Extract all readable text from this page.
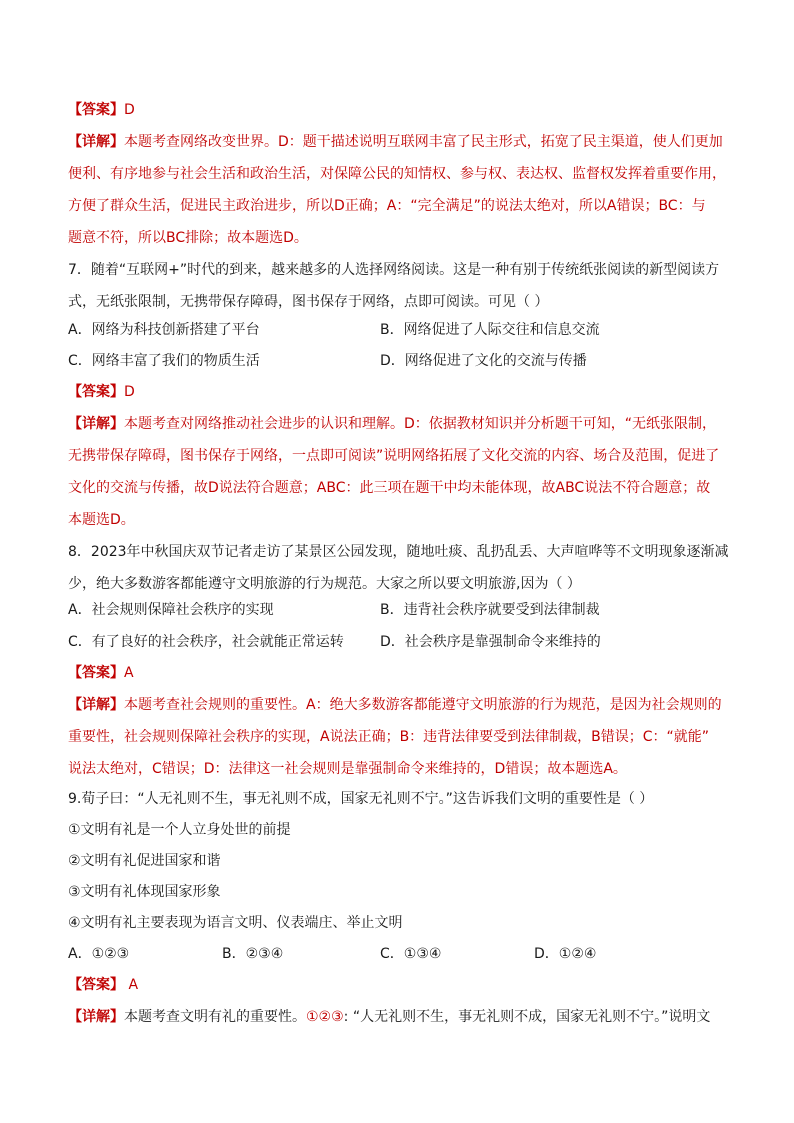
【答案】D
【详解】本题考查网络改变世界。D：题干描述说明互联网丰富了民主形式，拓宽了民主渠道，使人们更加
便利、有序地参与社会生活和政治生活，对保障公民的知情权、参与权、表达权、监督权发挥着重要作用，
方便了群众生活，促进民主政治进步，所以D正确；A：“完全满足”的说法太绝对，所以A错误；BC：与
题意不符，所以BC排除；故本题选D。
7．随着“互联网+”时代的到来，越来越多的人选择网络阅读。这是一种有别于传统纸张阅读的新型阅读方
式，无纸张限制，无携带保存障碍，图书保存于网络，点即可阅读。可见（ ）
A．网络为科技创新搭建了平台	B．网络促进了人际交往和信息交流
C．网络丰富了我们的物质生活	D．网络促进了文化的交流与传播
【答案】D
【详解】本题考查对网络推动社会进步的认识和理解。D：依据教材知识并分析题干可知，“无纸张限制，
无携带保存障碍，图书保存于网络，一点即可阅读”说明网络拓展了文化交流的内容、场合及范围，促进了
文化的交流与传播，故D说法符合题意；ABC：此三项在题干中均未能体现，故ABC说法不符合题意；故
本题选D。
8．2023年中秋国庆双节记者走访了某景区公园发现，随地吐痰、乱扔乱丢、大声喧哗等不文明现象逐渐减
少，绝大多数游客都能遵守文明旅游的行为规范。大家之所以要文明旅游,因为（ ）
A．社会规则保障社会秩序的实现	B．违背社会秩序就要受到法律制裁
C．有了良好的社会秩序，社会就能正常运转	D．社会秩序是靠强制命令来维持的
【答案】A
【详解】本题考查社会规则的重要性。A：绝大多数游客都能遵守文明旅游的行为规范，是因为社会规则的
重要性，社会规则保障社会秩序的实现，A说法正确；B：违背法律要受到法律制裁，B错误；C：“就能”
说法太绝对，C错误；D：法律这一社会规则是靠强制命令来维持的，D错误；故本题选A。
9.荀子曰：“人无礼则不生，事无礼则不成，国家无礼则不宁。”这告诉我们文明的重要性是（ ）
①文明有礼是一个人立身处世的前提
②文明有礼促进国家和谐
③文明有礼体现国家形象
④文明有礼主要表现为语言文明、仪表端庄、举止文明
A．①②③	B．②③④	C．①③④	D．①②④
【答案】 A
【详解】本题考查文明有礼的重要性。①②③: “人无礼则不生，事无礼则不成，国家无礼则不宁。”说明文
